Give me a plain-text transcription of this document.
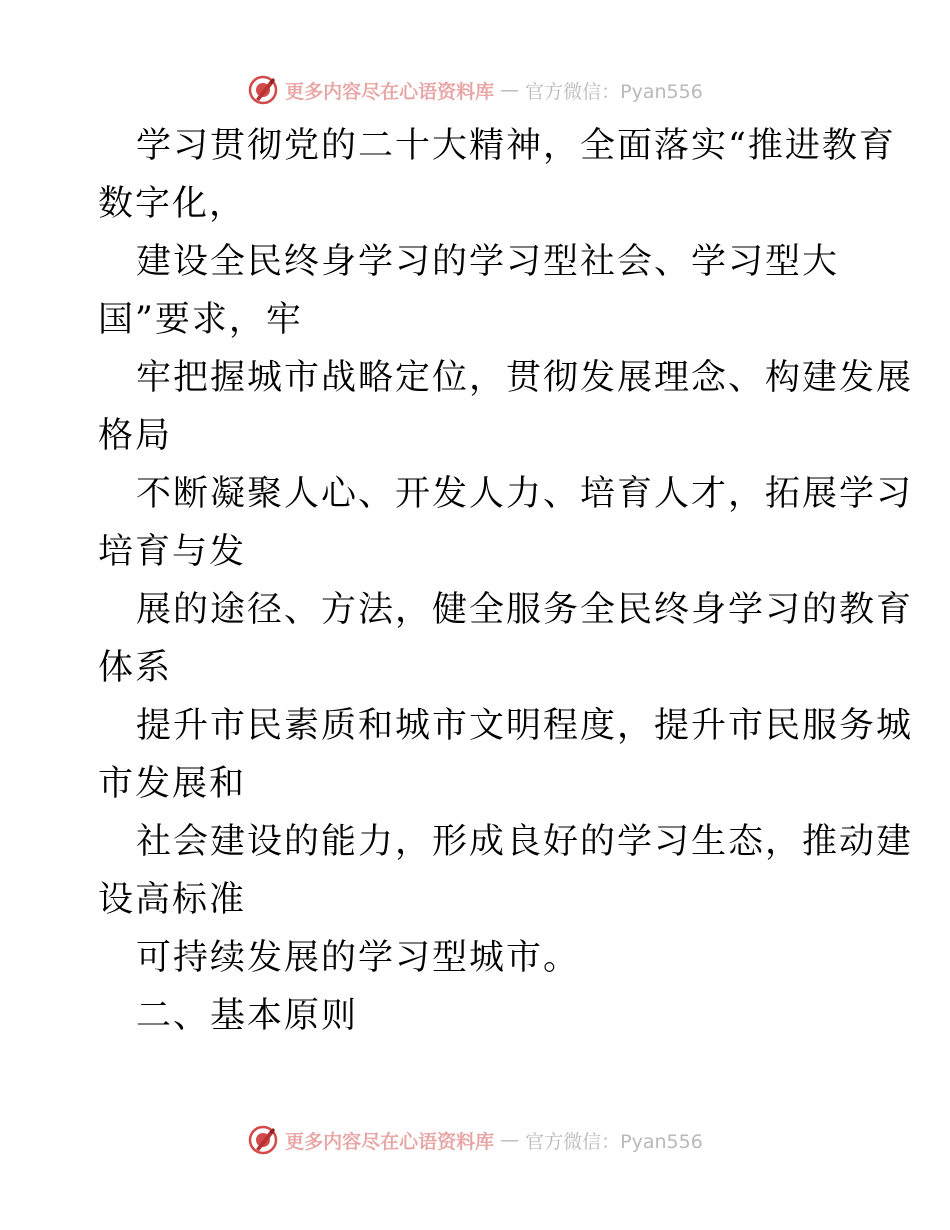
更多内容尽在心语资料库 — 官方微信：Pyan556
学习贯彻党的二十大精神，全面落实“推进教育
数字化，
建设全民终身学习的学习型社会、学习型大
国”要求，牢
牢把握城市战略定位，贯彻发展理念、构建发展
格局
不断凝聚人心、开发人力、培育人才，拓展学习
培育与发
展的途径、方法，健全服务全民终身学习的教育
体系
提升市民素质和城市文明程度，提升市民服务城
市发展和
社会建设的能力，形成良好的学习生态，推动建
设高标准
可持续发展的学习型城市。
二、基本原则
更多内容尽在心语资料库 — 官方微信：Pyan556
